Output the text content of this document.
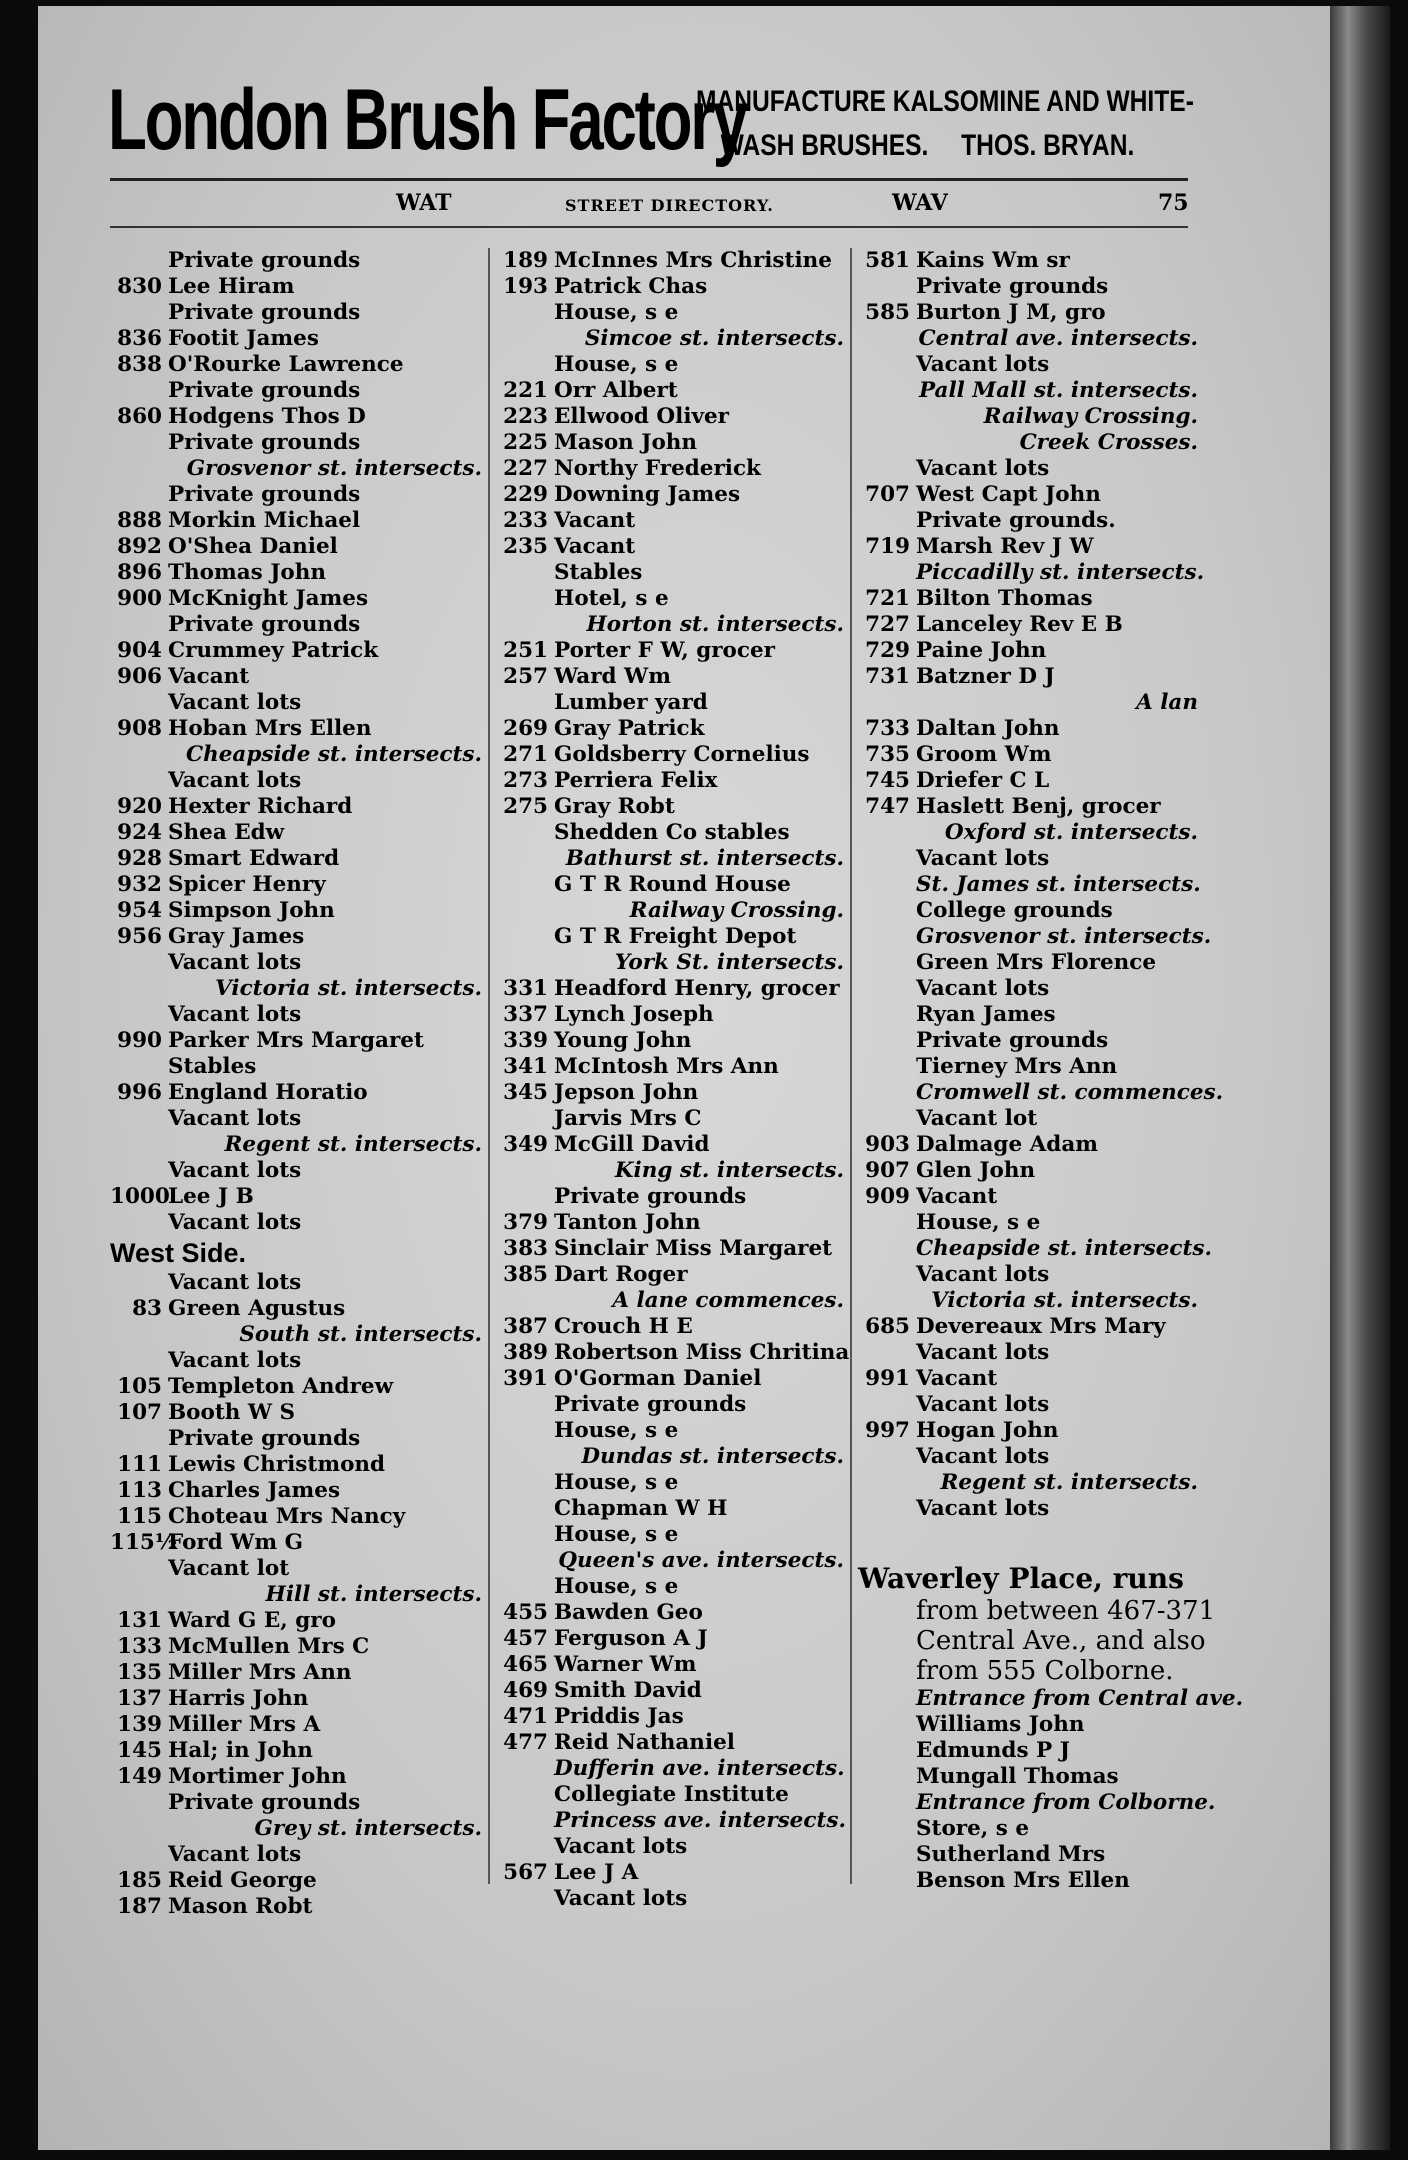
London Brush Factory
MANUFACTURE KALSOMINE AND WHITE-
WASH BRUSHES. THOS. BRYAN.
WAT	STREET DIRECTORY.	WAV	75
Private grounds
830 Lee Hiram
Private grounds
836 Footit James
838 O'Rourke Lawrence
Private grounds
860 Hodgens Thos D
Private grounds
Grosvenor st. intersects.
Private grounds
888 Morkin Michael
892 O'Shea Daniel
896 Thomas John
900 McKnight James
Private grounds
904 Crummey Patrick
906 Vacant
Vacant lots
908 Hoban Mrs Ellen
Cheapside st. intersects.
Vacant lots
920 Hexter Richard
924 Shea Edw
928 Smart Edward
932 Spicer Henry
954 Simpson John
956 Gray James
Vacant lots
Victoria st. intersects.
Vacant lots
990 Parker Mrs Margaret
Stables
996 England Horatio
Vacant lots
Regent st. intersects.
Vacant lots
1000Lee J B
Vacant lots
West Side.
Vacant lots
83 Green Agustus
South st. intersects.
Vacant lots
105 Templeton Andrew
107 Booth W S
Private grounds
111 Lewis Christmond
113 Charles James
115 Choteau Mrs Nancy
115½Ford Wm G
Vacant lot
Hill st. intersects.
131 Ward G E, gro
133 McMullen Mrs C
135 Miller Mrs Ann
137 Harris John
139 Miller Mrs A
145 Hal; in John
149 Mortimer John
Private grounds
Grey st. intersects.
Vacant lots
185 Reid George
187 Mason Robt
189 McInnes Mrs Christine
193 Patrick Chas
House, s e
Simcoe st. intersects.
House, s e
221 Orr Albert
223 Ellwood Oliver
225 Mason John
227 Northy Frederick
229 Downing James
233 Vacant
235 Vacant
Stables
Hotel, s e
Horton st. intersects.
251 Porter F W, grocer
257 Ward Wm
Lumber yard
269 Gray Patrick
271 Goldsberry Cornelius
273 Perriera Felix
275 Gray Robt
Shedden Co stables
Bathurst st. intersects.
G T R Round House
Railway Crossing.
G T R Freight Depot
York St. intersects.
331 Headford Henry, grocer
337 Lynch Joseph
339 Young John
341 McIntosh Mrs Ann
345 Jepson John
Jarvis Mrs C
349 McGill David
King st. intersects.
Private grounds
379 Tanton John
383 Sinclair Miss Margaret
385 Dart Roger
A lane commences.
387 Crouch H E
389 Robertson Miss Chritina
391 O'Gorman Daniel
Private grounds
House, s e
Dundas st. intersects.
House, s e
Chapman W H
House, s e
Queen's ave. intersects.
House, s e
455 Bawden Geo
457 Ferguson A J
465 Warner Wm
469 Smith David
471 Priddis Jas
477 Reid Nathaniel
Dufferin ave. intersects.
Collegiate Institute
Princess ave. intersects.
Vacant lots
567 Lee J A
Vacant lots
581 Kains Wm sr
Private grounds
585 Burton J M, gro
Central ave. intersects.
Vacant lots
Pall Mall st. intersects.
Railway Crossing.
Creek Crosses.
Vacant lots
707 West Capt John
Private grounds.
719 Marsh Rev J W
Piccadilly st. intersects.
721 Bilton Thomas
727 Lanceley Rev E B
729 Paine John
731 Batzner D J
A lan
733 Daltan John
735 Groom Wm
745 Driefer C L
747 Haslett Benj, grocer
Oxford st. intersects.
Vacant lots
St. James st. intersects.
College grounds
Grosvenor st. intersects.
Green Mrs Florence
Vacant lots
Ryan James
Private grounds
Tierney Mrs Ann
Cromwell st. commences.
Vacant lot
903 Dalmage Adam
907 Glen John
909 Vacant
House, s e
Cheapside st. intersects.
Vacant lots
Victoria st. intersects.
685 Devereaux Mrs Mary
Vacant lots
991 Vacant
Vacant lots
997 Hogan John
Vacant lots
Regent st. intersects.
Vacant lots
Waverley Place, runs
from between 467-371
Central Ave., and also
from 555 Colborne.
Entrance from Central ave.
Williams John
Edmunds P J
Mungall Thomas
Entrance from Colborne.
Store, s e
Sutherland Mrs
Benson Mrs Ellen
